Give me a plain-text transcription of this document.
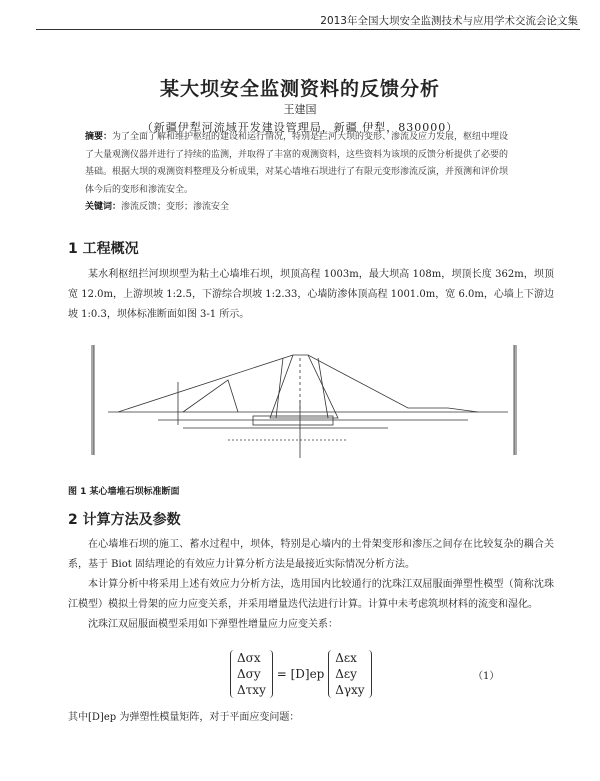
2013年全国大坝安全监测技术与应用学术交流会论文集
某大坝安全监测资料的反馈分析
王建国
（新疆伊犁河流域开发建设管理局，新疆 伊犁，830000）
摘要：为了全面了解和维护枢纽的建设和运行情况，特别是拦河大坝的变形、渗流及应力发展，枢纽中埋设了大量观测仪器并进行了持续的监测，并取得了丰富的观测资料，这些资料为该坝的反馈分析提供了必要的基础。根据大坝的观测资料整理及分析成果，对某心墙堆石坝进行了有限元变形渗流反演，并预测和评价坝体今后的变形和渗流安全。
关键词：渗流反馈；变形；渗流安全
1 工程概况

某水利枢纽拦河坝坝型为粘土心墙堆石坝，坝顶高程 1003m，最大坝高 108m，坝顶长度 362m，坝顶宽 12.0m，上游坝坡 1:2.5，下游综合坝坡 1:2.33，心墙防渗体顶高程 1001.0m，宽 6.0m，心墙上下游边坡 1:0.3，坝体标准断面如图 3-1 所示。

图 1 某心墙堆石坝标准断面
2 计算方法及参数

在心墙堆石坝的施工、蓄水过程中，坝体，特别是心墙内的土骨架变形和渗压之间存在比较复杂的耦合关系，基于 Biot 固结理论的有效应力计算分析方法是最接近实际情况分析方法。

本计算分析中将采用上述有效应力分析方法，选用国内比较通行的沈珠江双屈服面弹塑性模型（简称沈珠江模型）模拟土骨架的应力应变关系，并采用增量迭代法进行计算。计算中未考虑筑坝材料的流变和湿化。

沈珠江双屈服面模型采用如下弹塑性增量应力应变关系：

Δσx
Δσy
Δτxy
= [D]ep
Δεx
Δεy
Δγxy
（1）
其中[D]ep 为弹塑性模量矩阵，对于平面应变问题：
